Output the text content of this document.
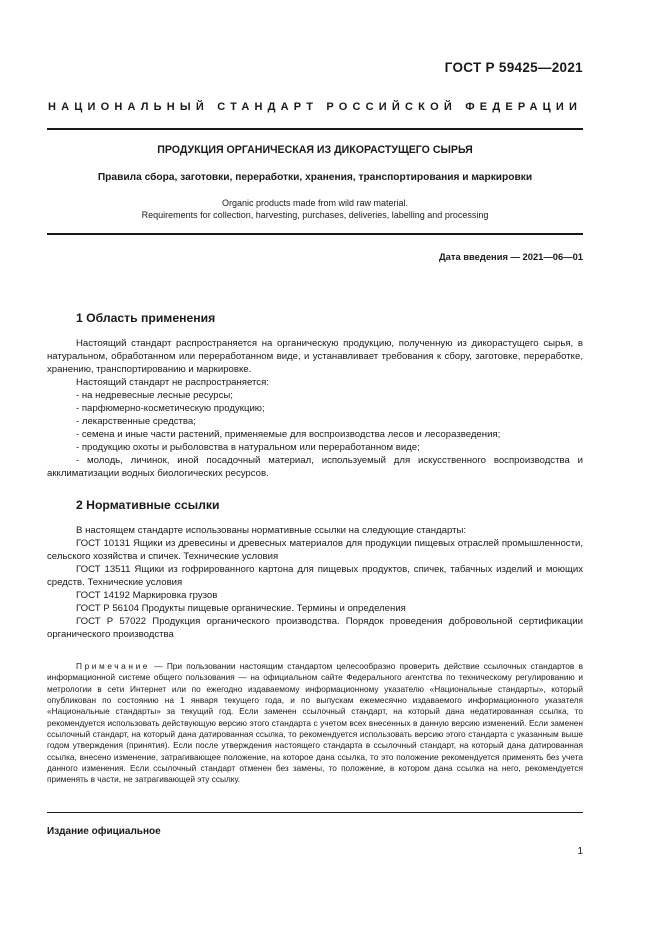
ГОСТ Р 59425—2021
НАЦИОНАЛЬНЫЙ СТАНДАРТ РОССИЙСКОЙ ФЕДЕРАЦИИ
ПРОДУКЦИЯ ОРГАНИЧЕСКАЯ ИЗ ДИКОРАСТУЩЕГО СЫРЬЯ
Правила сбора, заготовки, переработки, хранения, транспортирования и маркировки
Organic products made from wild raw material.
Requirements for collection, harvesting, purchases, deliveries, labelling and processing
Дата введения — 2021—06—01
1 Область применения

Настоящий стандарт распространяется на органическую продукцию, полученную из дикорастущего сырья, в натуральном, обработанном или переработанном виде, и устанавливает требования к сбору, заготовке, переработке, хранению, транспортированию и маркировке.

Настоящий стандарт не распространяется:

- на недревесные лесные ресурсы;

- парфюмерно-косметическую продукцию;

- лекарственные средства;

- семена и иные части растений, применяемые для воспроизводства лесов и лесоразведения;

- продукцию охоты и рыболовства в натуральном или переработанном виде;

- молодь, личинок, иной посадочный материал, используемый для искусственного воспроизводства и акклиматизации водных биологических ресурсов.

2 Нормативные ссылки

В настоящем стандарте использованы нормативные ссылки на следующие стандарты:

ГОСТ 10131 Ящики из древесины и древесных материалов для продукции пищевых отраслей промышленности, сельского хозяйства и спичек. Технические условия

ГОСТ 13511 Ящики из гофрированного картона для пищевых продуктов, спичек, табачных изделий и моющих средств. Технические условия

ГОСТ 14192 Маркировка грузов

ГОСТ Р 56104 Продукты пищевые органические. Термины и определения

ГОСТ Р 57022 Продукция органического производства. Порядок проведения добровольной сертификации органического производства

Примечание — При пользовании настоящим стандартом целесообразно проверить действие ссылочных стандартов в информационной системе общего пользования — на официальном сайте Федерального агентства по техническому регулированию и метрологии в сети Интернет или по ежегодно издаваемому информационному указателю «Национальные стандарты», который опубликован по состоянию на 1 января текущего года, и по выпускам ежемесячно издаваемого информационного указателя «Национальные стандарты» за текущий год. Если заменен ссылочный стандарт, на который дана недатированная ссылка, то рекомендуется использовать действующую версию этого стандарта с учетом всех внесенных в данную версию изменений. Если заменен ссылочный стандарт, на который дана датированная ссылка, то рекомендуется использовать версию этого стандарта с указанным выше годом утверждения (принятия). Если после утверждения настоящего стандарта в ссылочный стандарт, на который дана датированная ссылка, внесено изменение, затрагивающее положение, на которое дана ссылка, то это положение рекомендуется применять без учета данного изменения. Если ссылочный стандарт отменен без замены, то положение, в котором дана ссылка на него, рекомендуется применять в части, не затрагивающей эту ссылку.

Издание официальное
1
